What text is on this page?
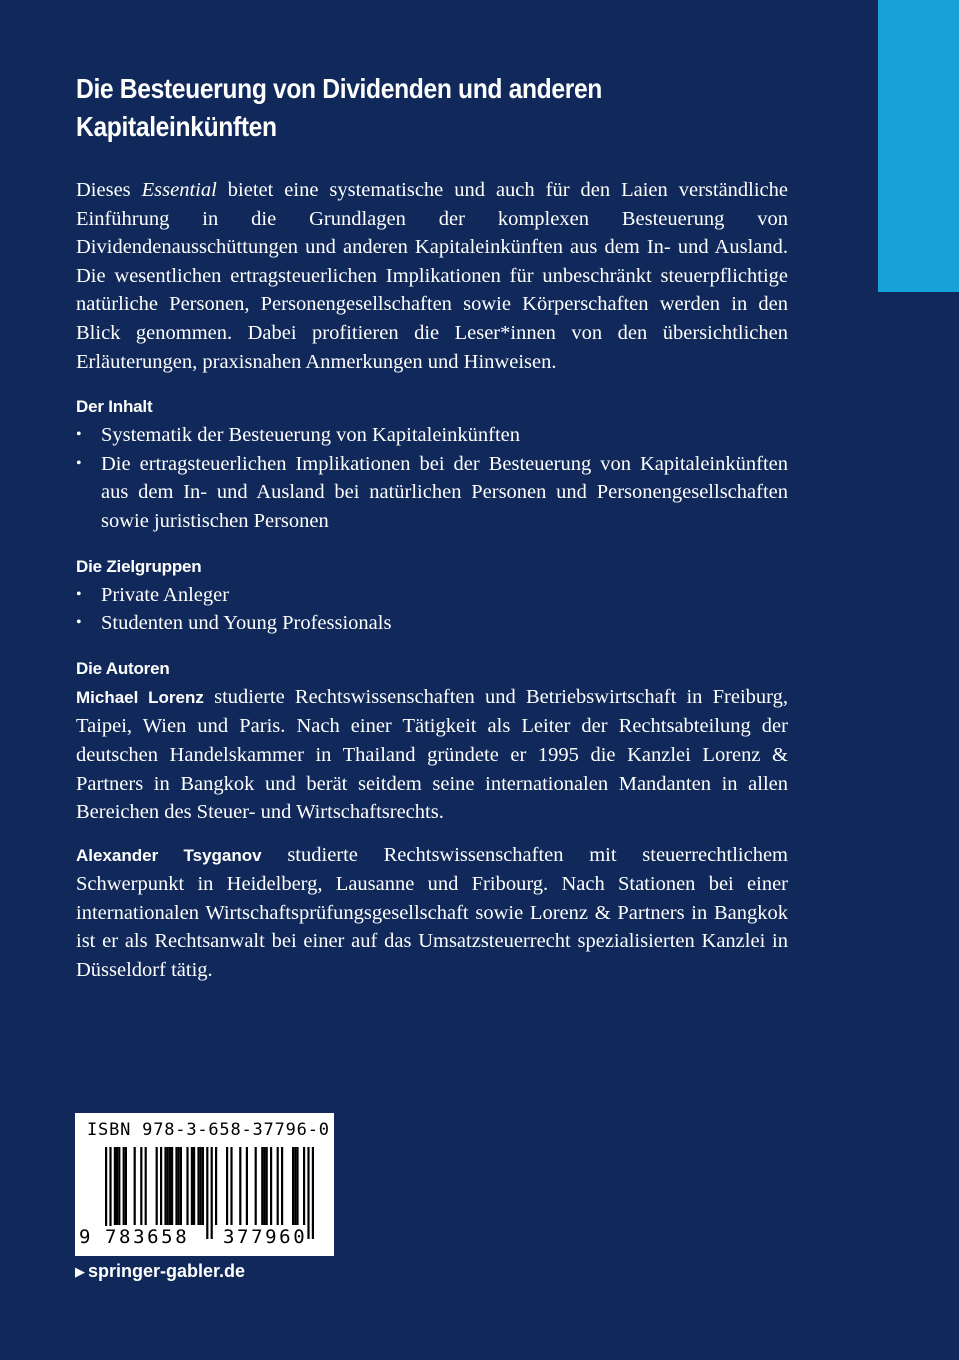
Die Besteuerung von Dividenden und anderen
Kapitaleinkünften

Dieses Essential bietet eine systematische und auch für den Laien verständliche Einführung in die Grundlagen der komplexen Besteuerung von Dividendenausschüttungen und anderen Kapitaleinkünften aus dem In- und Ausland. Die wesentlichen ertragsteuerlichen Implikationen für unbeschränkt steuerpflichtige natürliche Personen, Personengesellschaften sowie Körperschaften werden in den Blick genommen. Dabei profitieren die Leser*innen von den übersichtlichen Erläuterungen, praxisnahen Anmerkungen und Hinweisen.

Der Inhalt
• Systematik der Besteuerung von Kapitaleinkünften
• Die ertragsteuerlichen Implikationen bei der Besteuerung von Kapitaleinkünften aus dem In- und Ausland bei natürlichen Personen und Personengesellschaften sowie juristischen Personen
Die Zielgruppen
• Private Anleger
• Studenten und Young Professionals
Die Autoren

Michael Lorenz studierte Rechtswissenschaften und Betriebswirtschaft in Freiburg, Taipei, Wien und Paris. Nach einer Tätigkeit als Leiter der Rechtsabteilung der deutschen Handelskammer in Thailand gründete er 1995 die Kanzlei Lorenz & Partners in Bangkok und berät seitdem seine internationalen Mandanten in allen Bereichen des Steuer- und Wirtschaftsrechts.

Alexander Tsyganov studierte Rechtswissenschaften mit steuerrechtlichem Schwerpunkt in Heidelberg, Lausanne und Fribourg. Nach Stationen bei einer internationalen Wirtschaftsprüfungsgesellschaft sowie Lorenz & Partners in Bangkok ist er als Rechtsanwalt bei einer auf das Umsatzsteuerrecht spezialisierten Kanzlei in Düsseldorf tätig.

ISBN 978-3-658-37796-0
9 783658 377960
▶ springer-gabler.de
